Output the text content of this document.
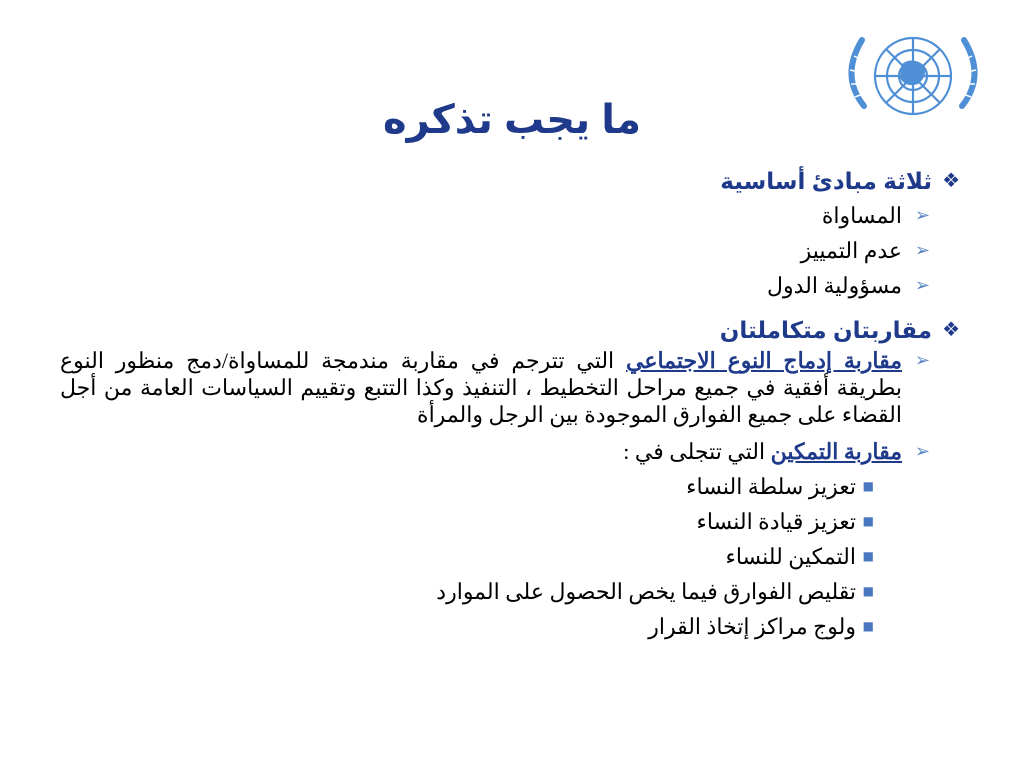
ما يجب تذكره
❖
ثلاثة مبادئ أساسية
➢
المساواة
➢
عدم التمييز
➢
مسؤولية الدول
❖
مقاربتان متكاملتان
➢
مقاربة إدماج النوع الاجتماعي التي تترجم في مقاربة مندمجة للمساواة/دمج منظور النوع بطريقة أفقية في جميع مراحل التخطيط ، التنفيذ وكذا التتبع وتقييم السياسات العامة من أجل القضاء على جميع الفوارق الموجودة بين الرجل والمرأة
➢
مقاربة التمكين التي تتجلى في :
■
تعزيز سلطة النساء
■
تعزيز قيادة النساء
■
التمكين للنساء
■
تقليص الفوارق فيما يخص الحصول على الموارد
■
ولوج مراكز إتخاذ القرار
